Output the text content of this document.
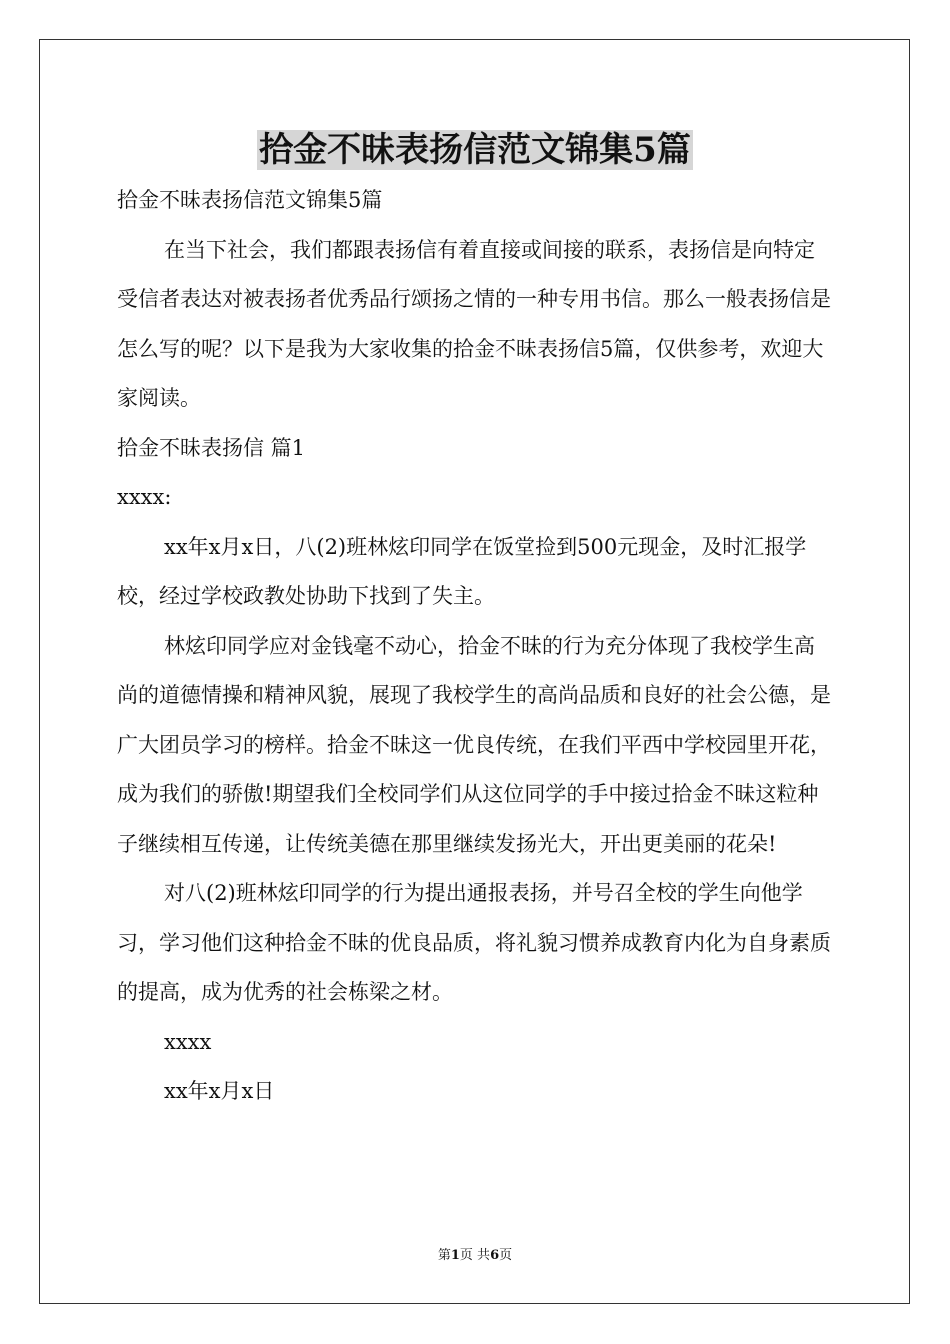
拾金不昧表扬信范文锦集5篇

拾金不昧表扬信范文锦集5篇

在当下社会，我们都跟表扬信有着直接或间接的联系，表扬信是向特定受信者表达对被表扬者优秀品行颂扬之情的一种专用书信。那么一般表扬信是怎么写的呢？以下是我为大家收集的拾金不昧表扬信5篇，仅供参考，欢迎大家阅读。

拾金不昧表扬信 篇1

xxxx:

xx年x月x日，八(2)班林炫印同学在饭堂捡到500元现金，及时汇报学校，经过学校政教处协助下找到了失主。

林炫印同学应对金钱毫不动心，拾金不昧的行为充分体现了我校学生高尚的道德情操和精神风貌，展现了我校学生的高尚品质和良好的社会公德，是广大团员学习的榜样。拾金不昧这一优良传统，在我们平西中学校园里开花，成为我们的骄傲!期望我们全校同学们从这位同学的手中接过拾金不昧这粒种子继续相互传递，让传统美德在那里继续发扬光大，开出更美丽的花朵!

对八(2)班林炫印同学的行为提出通报表扬，并号召全校的学生向他学习，学习他们这种拾金不昧的优良品质，将礼貌习惯养成教育内化为自身素质的提高，成为优秀的社会栋梁之材。

xxxx

xx年x月x日

第1页 共6页
